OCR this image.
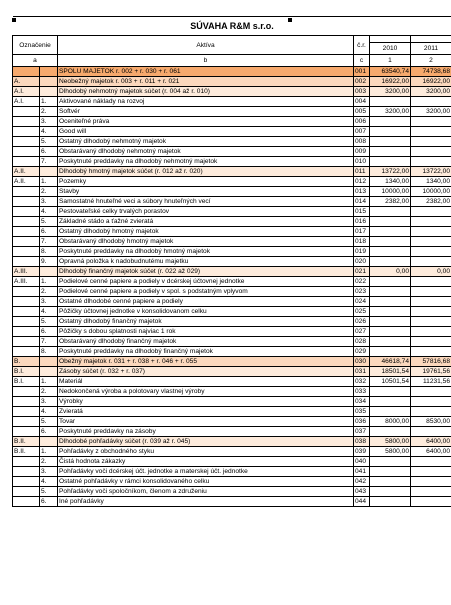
SÚVAHA R&M s.r.o.					
Označenie		Aktíva	č.r.		
				2010	2011
a		b	c	1	2
		SPOLU MAJETOK r. 002 + r. 030 + r. 061	001	63540,74	74738,68
A.		Neobežný majetok r. 003 + r. 011 + r. 021	002	16922,00	16922,00
A.I.		Dlhodobý nehmotný majetok súčet (r. 004 až r. 010)	003	3200,00	3200,00
A.I.	1.	Aktivované náklady na rozvoj	004		
	2.	Softvér	005	3200,00	3200,00
	3.	Oceniteľné práva	006		
	4.	Good will	007		
	5.	Ostatný dlhodobý nehmotný majetok	008		
	6.	Obstarávaný dlhodobý nehmotný majetok	009		
	7.	Poskytnuté preddavky na dlhodobý nehmotný majetok	010		
A.II.		Dlhodobý hmotný majetok súčet (r. 012 až r. 020)	011	13722,00	13722,00
A.II.	1.	Pozemky	012	1340,00	1340,00
	2.	Stavby	013	10000,00	10000,00
	3.	Samostatné hnuteľné veci a súbory hnuteľných vecí	014	2382,00	2382,00
	4.	Pestovateľské celky trvalých porastov	015		
	5.	Základné stádo a ťažné zvieratá	016		
	6.	Ostatný dlhodobý hmotný majetok	017		
	7.	Obstarávaný dlhodobý hmotný majetok	018		
	8.	Poskytnuté preddavky na dlhodobý hmotný majetok	019		
	9.	Opravná položka k nadobudnutému majetku	020		
A.III.		Dlhodobý finančný majetok súčet (r. 022 až 029)	021	0,00	0,00
A.III.	1.	Podielové cenné papiere a podiely v dcérskej účtovnej jednotke	022		
	2.	Podielové cenné papiere a podiely v spol. s podstatným vplyvom	023		
	3.	Ostatné dlhodobé cenné papiere a podiely	024		
	4.	Pôžičky účtovnej jednotke v konsolidovanom celku	025		
	5.	Ostatný dlhodobý finančný majetok	026		
	6.	Pôžičky s dobou splatnosti najviac 1 rok	027		
	7.	Obstarávaný dlhodobý finančný majetok	028		
	8.	Poskytnuté preddavky na dlhodobý finančný majetok	029		
B.		Obežný majetok r. 031 + r. 038 + r. 046 + r. 055	030	46618,74	57816,68
B.I.		Zásoby súčet (r. 032 + r. 037)	031	18501,54	19761,56
B.I.	1.	Materiál	032	10501,54	11231,56
	2.	Nedokončená výroba a polotovary vlastnej výroby	033		
	3.	Výrobky	034		
	4.	Zvieratá	035		
	5.	Tovar	036	8000,00	8530,00
	6.	Poskytnuté preddavky na zásoby	037		
B.II.		Dlhodobé pohľadávky súčet (r. 039 až r. 045)	038	5800,00	6400,00
B.II.	1.	Pohľadávky z obchodného styku	039	5800,00	6400,00
	2.	Čistá hodnota zákazky	040		
	3.	Pohľadávky voči dcérskej účt. jednotke a materskej účt. jednotke	041		
	4.	Ostatné pohľadávky v rámci konsolidovaného celku	042		
	5.	Pohľadávky voči spoločníkom, členom a združeniu	043		
	6.	Iné pohľadávky	044		
